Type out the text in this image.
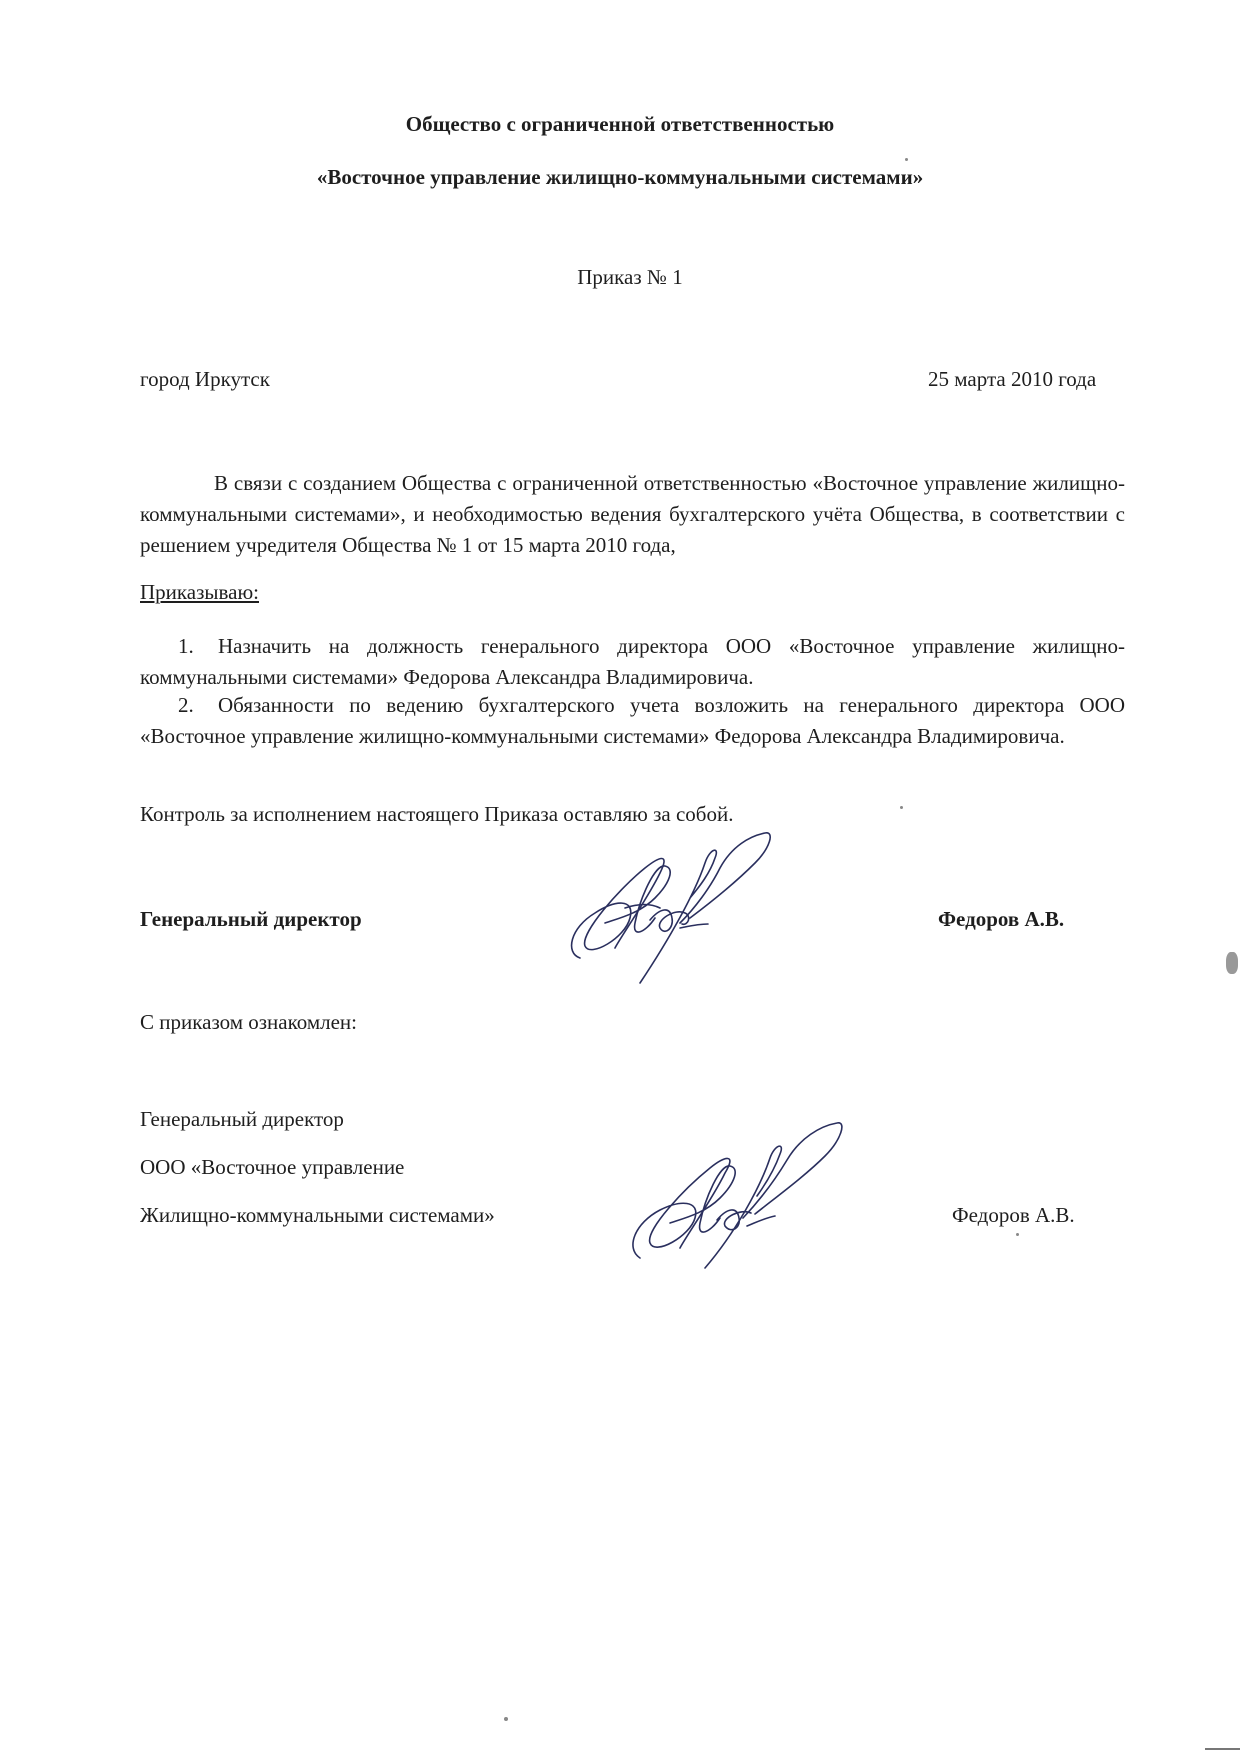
Общество с ограниченной ответственностью
«Восточное управление жилищно-коммунальными системами»
Приказ № 1
город Иркутск	25 марта 2010 года
В связи с созданием Общества с ограниченной ответственностью «Восточное управление жилищно-коммунальными системами», и необходимостью ведения бухгалтерского учёта Общества, в соответствии с решением учредителя Общества № 1 от 15 марта 2010 года,
Приказываю:
1. Назначить на должность генерального директора ООО «Восточное управление жилищно-коммунальными системами» Федорова Александра Владимировича.
2. Обязанности по ведению бухгалтерского учета возложить на генерального директора ООО «Восточное управление жилищно-коммунальными системами» Федорова Александра Владимировича.
Контроль за исполнением настоящего Приказа оставляю за собой.
Генеральный директор	Федоров А.В.
С приказом ознакомлен:
Генеральный директор
ООО «Восточное управление
Жилищно-коммунальными системами»	Федоров А.В.
